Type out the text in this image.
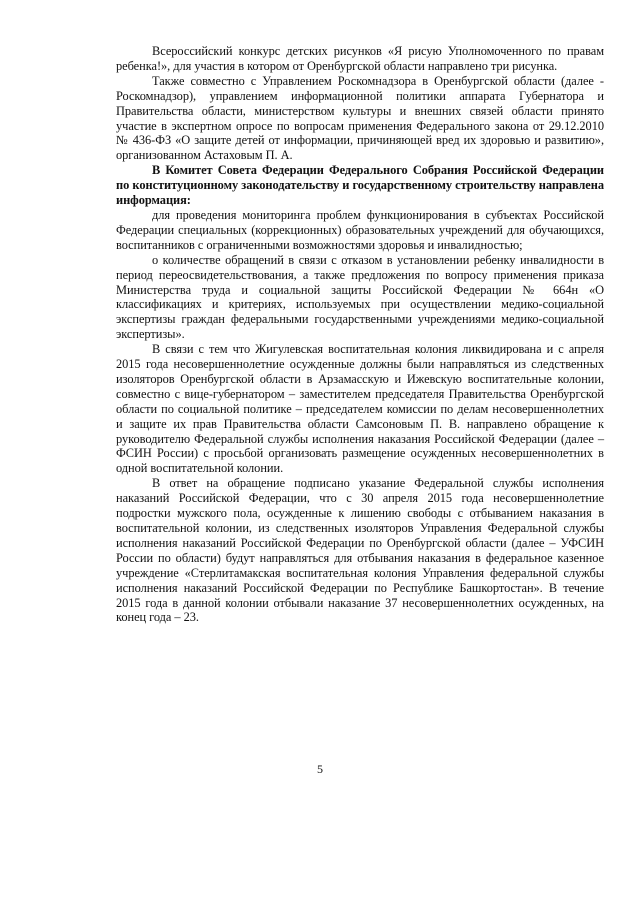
Всероссийский конкурс детских рисунков «Я рисую Уполномоченного по правам ребенка!», для участия в котором от Оренбургской области направлено три рисунка.

Также совместно с Управлением Роскомнадзора в Оренбургской области (далее - Роскомнадзор), управлением информационной политики аппарата Губернатора и Правительства области, министерством культуры и внешних связей области принято участие в экспертном опросе по вопросам применения Федерального закона от 29.12.2010 № 436-ФЗ «О защите детей от информации, причиняющей вред их здоровью и развитию», организованном Астаховым П. А.

В Комитет Совета Федерации Федерального Собрания Российской Федерации по конституционному законодательству и государственному строительству направлена информация:

для проведения мониторинга проблем функционирования в субъектах Российской Федерации специальных (коррекционных) образовательных учреждений для обучающихся, воспитанников с ограниченными возможностями здоровья и инвалидностью;

о количестве обращений в связи с отказом в установлении ребенку инвалидности в период переосвидетельствования, а также предложения по вопросу применения приказа Министерства труда и социальной защиты Российской Федерации № 664н «О классификациях и критериях, используемых при осуществлении медико-социальной экспертизы граждан федеральными государственными учреждениями медико-социальной экспертизы».

В связи с тем что Жигулевская воспитательная колония ликвидирована и с апреля 2015 года несовершеннолетние осужденные должны были направляться из следственных изоляторов Оренбургской области в Арзамасскую и Ижевскую воспитательные колонии, совместно с вице-губернатором – заместителем председателя Правительства Оренбургской области по социальной политике – председателем комиссии по делам несовершеннолетних и защите их прав Правительства области Самсоновым П. В. направлено обращение к руководителю Федеральной службы исполнения наказания Российской Федерации (далее – ФСИН России) с просьбой организовать размещение осужденных несовершеннолетних в одной воспитательной колонии.

В ответ на обращение подписано указание Федеральной службы исполнения наказаний Российской Федерации, что с 30 апреля 2015 года несовершеннолетние подростки мужского пола, осужденные к лишению свободы с отбыванием наказания в воспитательной колонии, из следственных изоляторов Управления Федеральной службы исполнения наказаний Российской Федерации по Оренбургской области (далее – УФСИН России по области) будут направляться для отбывания наказания в федеральное казенное учреждение «Стерлитамакская воспитательная колония Управления федеральной службы исполнения наказаний Российской Федерации по Республике Башкортостан». В течение 2015 года в данной колонии отбывали наказание 37 несовершеннолетних осужденных, на конец года – 23.

5
